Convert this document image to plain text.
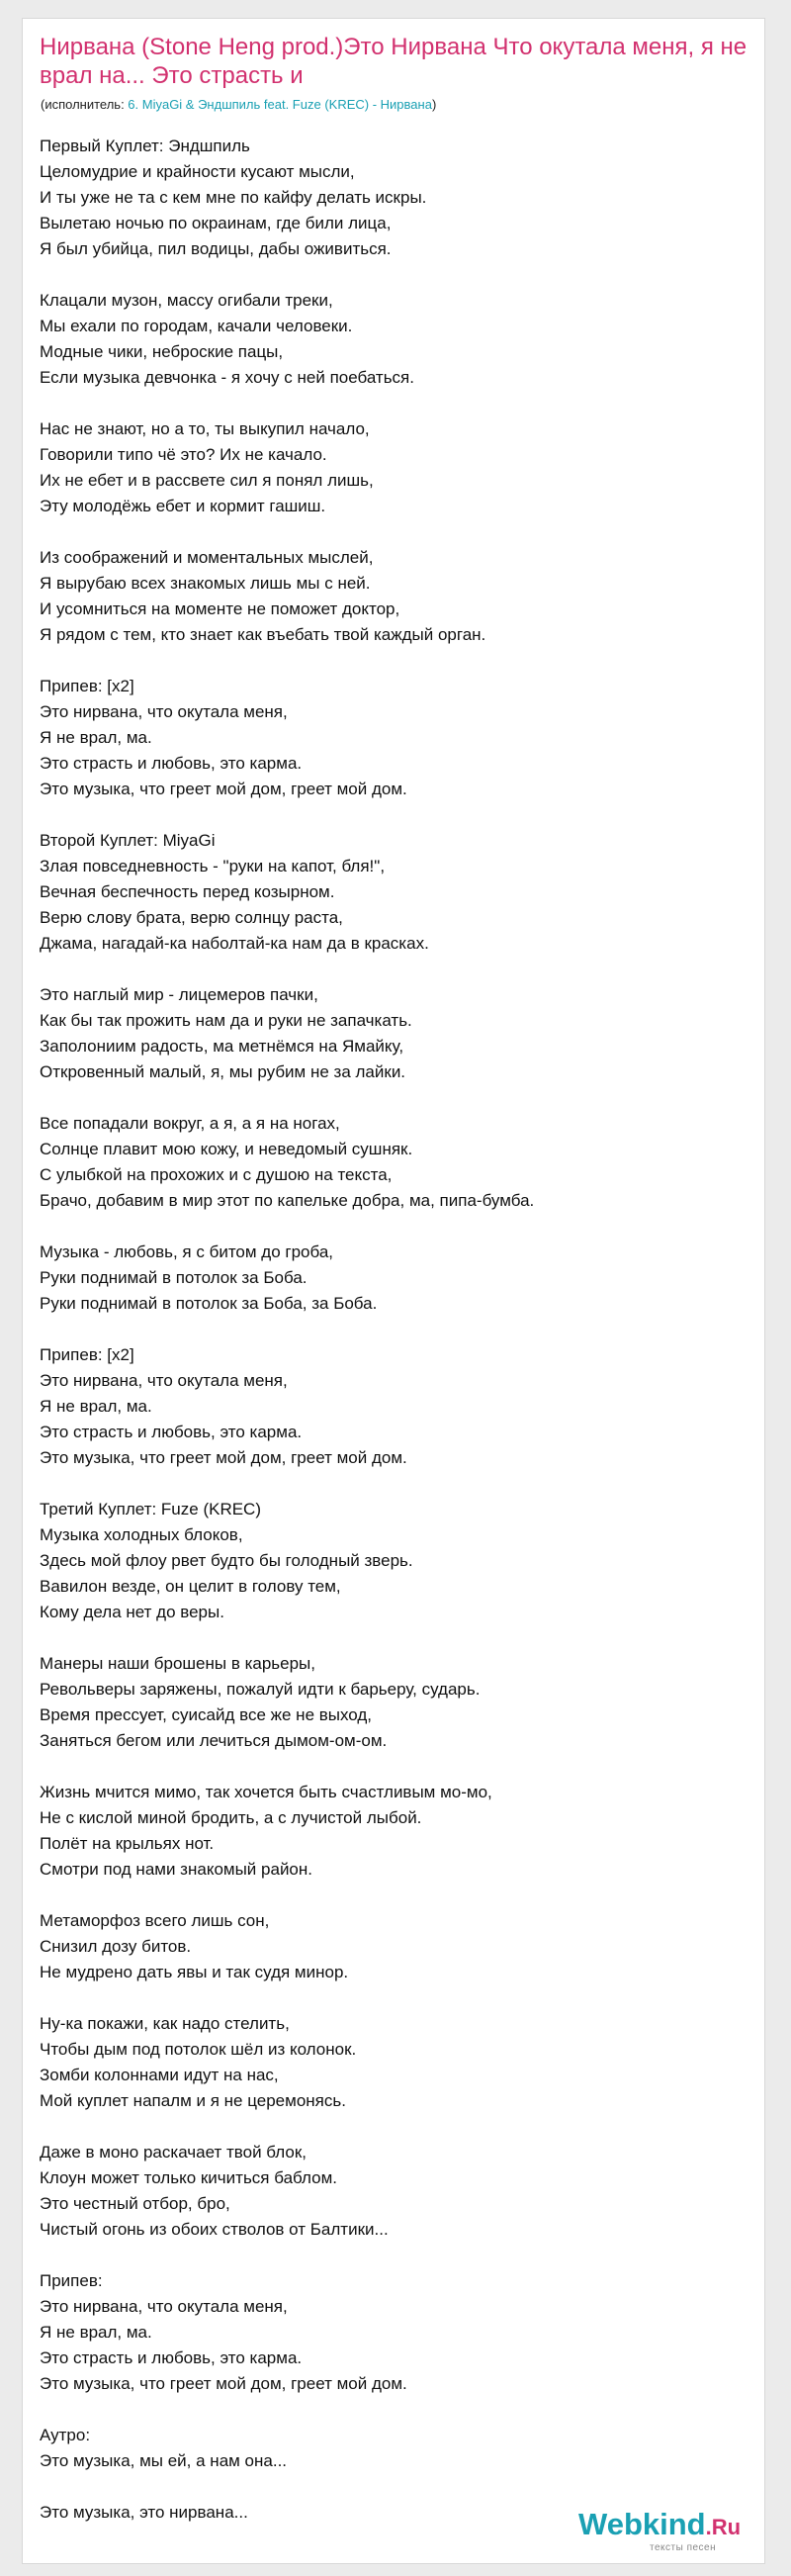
Нирвана (Stone Heng prod.)Это Нирвана Что окутала меня, я не врал на... Это страсть и
(исполнитель: 6. MiyaGi & Эндшпиль feat. Fuze (KREC) - Нирвана)
Первый Куплет: Эндшпиль
Целомудрие и крайности кусают мысли,
И ты уже не та с кем мне по кайфу делать искры.
Вылетаю ночью по окраинам, где били лица,
Я был убийца, пил водицы, дабы оживиться.
Клацали музон, массу огибали треки,
Мы ехали по городам, качали человеки.
Модные чики, неброские пацы,
Если музыка девчонка - я хочу с ней поебаться.
Нас не знают, но а то, ты выкупил начало,
Говорили типо чё это? Их не качало.
Их не ебет и в рассвете сил я понял лишь,
Эту молодёжь ебет и кормит гашиш.
Из соображений и моментальных мыслей,
Я вырубаю всех знакомых лишь мы с ней.
И усомниться на моменте не поможет доктор,
Я рядом с тем, кто знает как въебать твой каждый орган.
Припев: [x2]
Это нирвана, что окутала меня,
Я не врал, ма.
Это страсть и любовь, это карма.
Это музыка, что греет мой дом, греет мой дом.
Второй Куплет: MiyaGi
Злая повседневность - "руки на капот, бля!",
Вечная беспечность перед козырном.
Верю слову брата, верю солнцу раста,
Джама, нагадай-ка наболтай-ка нам да в красках.
Это наглый мир - лицемеров пачки,
Как бы так прожить нам да и руки не запачкать.
Заполониим радость, ма метнёмся на Ямайку,
Откровенный малый, я, мы рубим не за лайки.
Все попадали вокруг, а я, а я на ногах,
Солнце плавит мою кожу, и неведомый сушняк.
С улыбкой на прохожих и с душою на текста,
Брачо, добавим в мир этот по капельке добра, ма, пипа-бумба.
Музыка - любовь, я с битом до гроба,
Руки поднимай в потолок за Боба.
Руки поднимай в потолок за Боба, за Боба.
Припев: [x2]
Это нирвана, что окутала меня,
Я не врал, ма.
Это страсть и любовь, это карма.
Это музыка, что греет мой дом, греет мой дом.
Третий Куплет: Fuze (KREC)
Музыка холодных блоков,
Здесь мой флоу рвет будто бы голодный зверь.
Вавилон везде, он целит в голову тем,
Кому дела нет до веры.
Манеры наши брошены в карьеры,
Револьверы заряжены, пожалуй идти к барьеру, сударь.
Время прессует, суисайд все же не выход,
Заняться бегом или лечиться дымом-ом-ом.
Жизнь мчится мимо, так хочется быть счастливым мо-мо,
Не с кислой миной бродить, а с лучистой лыбой.
Полёт на крыльях нот.
Смотри под нами знакомый район.
Метаморфоз всего лишь сон,
Снизил дозу битов.
Не мудрено дать явы и так судя минор.
Ну-ка покажи, как надо стелить,
Чтобы дым под потолок шёл из колонок.
Зомби колоннами идут на нас,
Мой куплет напалм и я не церемонясь.
Даже в моно раскачает твой блок,
Клоун может только кичиться баблом.
Это честный отбор, бро,
Чистый огонь из обоих стволов от Балтики...
Припев:
Это нирвана, что окутала меня,
Я не врал, ма.
Это страсть и любовь, это карма.
Это музыка, что греет мой дом, греет мой дом.
Аутро:
Это музыка, мы ей, а нам она...
Это музыка, это нирвана...	Webkind.Ru
тексты песен
